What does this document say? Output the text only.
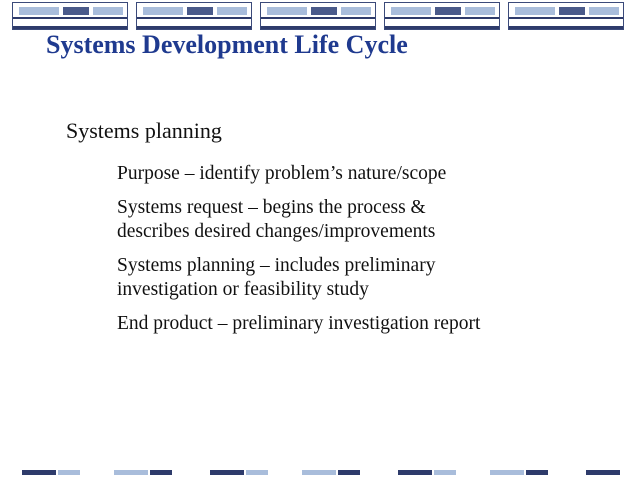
Systems Development Life Cycle
Systems planning
Purpose – identify problem’s nature/scope
Systems request – begins the process &
describes desired changes/improvements
Systems planning – includes preliminary
investigation or feasibility study
End product – preliminary investigation report
